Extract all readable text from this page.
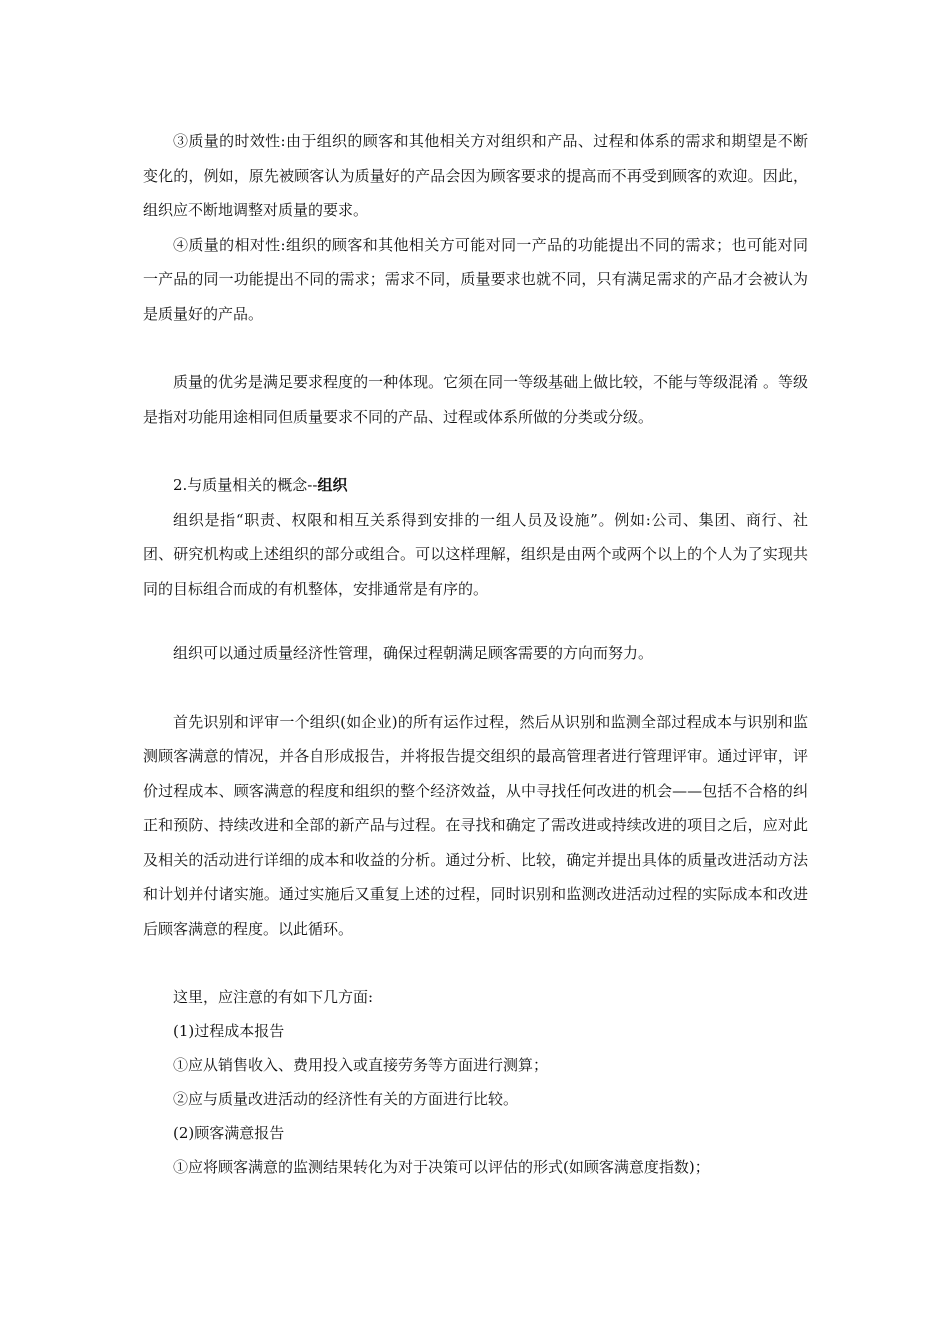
③质量的时效性:由于组织的顾客和其他相关方对组织和产品、过程和体系的需求和期望是不断变化的，例如，原先被顾客认为质量好的产品会因为顾客要求的提高而不再受到顾客的欢迎。因此，组织应不断地调整对质量的要求。

④质量的相对性:组织的顾客和其他相关方可能对同一产品的功能提出不同的需求；也可能对同一产品的同一功能提出不同的需求；需求不同，质量要求也就不同，只有满足需求的产品才会被认为是质量好的产品。

质量的优劣是满足要求程度的一种体现。它须在同一等级基础上做比较，不能与等级混淆 。等级是指对功能用途相同但质量要求不同的产品、过程或体系所做的分类或分级。

2.与质量相关的概念--组织

组织是指“职责、权限和相互关系得到安排的一组人员及设施”。例如:公司、集团、商行、社团、研究机构或上述组织的部分或组合。可以这样理解，组织是由两个或两个以上的个人为了实现共同的目标组合而成的有机整体，安排通常是有序的。

组织可以通过质量经济性管理，确保过程朝满足顾客需要的方向而努力。

首先识别和评审一个组织(如企业)的所有运作过程，然后从识别和监测全部过程成本与识别和监测顾客满意的情况，并各自形成报告，并将报告提交组织的最高管理者进行管理评审。通过评审，评价过程成本、顾客满意的程度和组织的整个经济效益，从中寻找任何改进的机会——包括不合格的纠正和预防、持续改进和全部的新产品与过程。在寻找和确定了需改进或持续改进的项目之后，应对此及相关的活动进行详细的成本和收益的分析。通过分析、比较，确定并提出具体的质量改进活动方法和计划并付诸实施。通过实施后又重复上述的过程，同时识别和监测改进活动过程的实际成本和改进后顾客满意的程度。以此循环。

这里，应注意的有如下几方面:

(1)过程成本报告

①应从销售收入、费用投入或直接劳务等方面进行测算；

②应与质量改进活动的经济性有关的方面进行比较。

(2)顾客满意报告

①应将顾客满意的监测结果转化为对于决策可以评估的形式(如顾客满意度指数)；
